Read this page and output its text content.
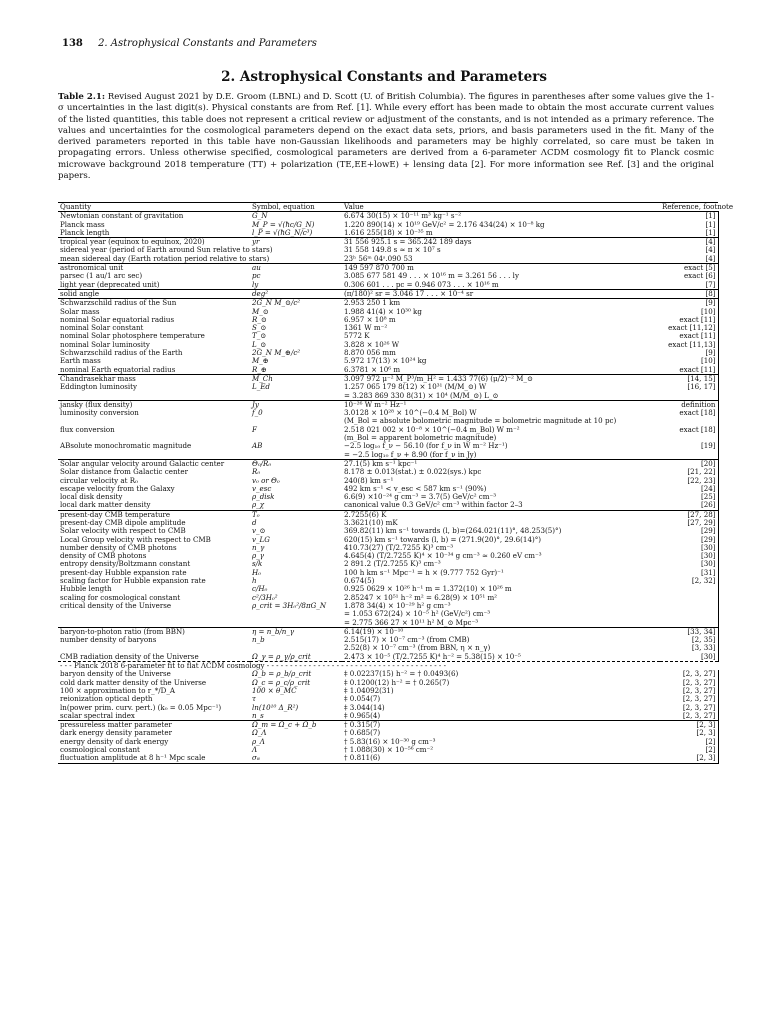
138 2. Astrophysical Constants and Parameters
2. Astrophysical Constants and Parameters
Table 2.1: Revised August 2021 by D.E. Groom (LBNL) and D. Scott (U. of British Columbia). The figures in parentheses after some values give the 1-σ uncertainties in the last digit(s). Physical constants are from Ref. [1]. While every effort has been made to obtain the most accurate current values of the listed quantities, this table does not represent a critical review or adjustment of the constants, and is not intended as a primary reference. The values and uncertainties for the cosmological parameters depend on the exact data sets, priors, and basis parameters used in the fit. Many of the derived parameters reported in this table have non-Gaussian likelihoods and parameters may be highly correlated, so care must be taken in propagating errors. Unless otherwise specified, cosmological parameters are derived from a 6-parameter ΛCDM cosmology fit to Planck cosmic microwave background 2018 temperature (TT) + polarization (TE,EE+lowE) + lensing data [2]. For more information see Ref. [3] and the original papers.
Quantity	Symbol, equation	Value	Reference, footnote
Newtonian constant of gravitation	G_N	6.674 30(15) × 10⁻¹¹ m³ kg⁻¹ s⁻²	[1]
Planck mass	M_P = √(ħc/G_N)	1.220 890(14) × 10¹⁹ GeV/c² = 2.176 434(24) × 10⁻⁸ kg	[1]
Planck length	l_P = √(ħG_N/c³)	1.616 255(18) × 10⁻³⁵ m	[1]
tropical year (equinox to equinox, 2020)	yr	31 556 925.1 s = 365.242 189 days	[4]
sidereal year (period of Earth around Sun relative to stars)		31 558 149.8 s ≈ π × 10⁷ s	[4]
mean sidereal day (Earth rotation period relative to stars)		23ʰ 56ᵐ 04ˢ.090 53	[4]
astronomical unit	au	149 597 870 700 m	exact [5]
parsec (1 au/1 arc sec)	pc	3.085 677 581 49 . . . × 10¹⁶ m = 3.261 56 . . . ly	exact [6]
light year (deprecated unit)	ly	0.306 601 . . . pc = 0.946 073 . . . × 10¹⁶ m	[7]
solid angle	deg²	(π/180)² sr = 3.046 17 . . . × 10⁻⁴ sr	[8]
Schwarzschild radius of the Sun	2G_N M_⊙/c²	2.953 250 1 km	[9]
Solar mass	M_⊙	1.988 41(4) × 10³⁰ kg	[10]
nominal Solar equatorial radius	R_⊙	6.957 × 10⁸ m	exact [11]
nominal Solar constant	S_⊙	1361 W m⁻²	exact [11,12]
nominal Solar photosphere temperature	T_⊙	5772 K	exact [11]
nominal Solar luminosity	L_⊙	3.828 × 10²⁶ W	exact [11,13]
Schwarzschild radius of the Earth	2G_N M_⊕/c²	8.870 056 mm	[9]
Earth mass	M_⊕	5.972 17(13) × 10²⁴ kg	[10]
nominal Earth equatorial radius	R_⊕	6.3781 × 10⁶ m	exact [11]
Chandrasekhar mass	M_Ch	3.097 972 μ⁻² M_P³/m_H² = 1.433 77(6) (μ/2)⁻² M_⊙	[14, 15]
Eddington luminosity	L_Ed	1.257 065 179 8(12) × 10³¹ (M/M_⊙) W	[16, 17]
		= 3.283 869 330 8(31) × 10⁴ (M/M_⊙) L_⊙	
jansky (flux density)	Jy	10⁻²⁶ W m⁻² Hz⁻¹	definition
luminosity conversion	f_0	3.0128 × 10²⁸ × 10^(−0.4 M_Bol) W	exact [18]
		(M_Bol = absolute bolometric magnitude = bolometric magnitude at 10 pc)	
flux conversion	F	2.518 021 002 × 10⁻⁸ × 10^(−0.4 m_Bol) W m⁻²	exact [18]
		(m_Bol = apparent bolometric magnitude)	
ABsolute monochromatic magnitude	AB	−2.5 log₁₀ f_ν − 56.10 (for f_ν in W m⁻² Hz⁻¹)	[19]
		= −2.5 log₁₀ f_ν + 8.90 (for f_ν in Jy)	
Solar angular velocity around Galactic center	Θ₀/R₀	27.1(5) km s⁻¹ kpc⁻¹	[20]
Solar distance from Galactic center	R₀	8.178 ± 0.013(stat.) ± 0.022(sys.) kpc	[21, 22]
circular velocity at R₀	v₀ or Θ₀	240(8) km s⁻¹	[22, 23]
escape velocity from the Galaxy	v_esc	492 km s⁻¹ < v_esc < 587 km s⁻¹ (90%)	[24]
local disk density	ρ_disk	6.6(9) ×10⁻²⁴ g cm⁻³ = 3.7(5) GeV/c² cm⁻³	[25]
local dark matter density	ρ_χ	canonical value 0.3 GeV/c² cm⁻³ within factor 2–3	[26]
present-day CMB temperature	T₀	2.7255(6) K	[27, 28]
present-day CMB dipole amplitude	d	3.3621(10) mK	[27, 29]
Solar velocity with respect to CMB	v_⊙	369.82(11) km s⁻¹ towards (l, b)=(264.021(11)°, 48.253(5)°)	[29]
Local Group velocity with respect to CMB	v_LG	620(15) km s⁻¹ towards (l, b) = (271.9(20)°, 29.6(14)°)	[29]
number density of CMB photons	n_γ	410.73(27) (T/2.7255 K)³ cm⁻³	[30]
density of CMB photons	ρ_γ	4.645(4) (T/2.7255 K)⁴ × 10⁻³⁴ g cm⁻³ ≈ 0.260 eV cm⁻³	[30]
entropy density/Boltzmann constant	s/k	2 891.2 (T/2.7255 K)³ cm⁻³	[30]
present-day Hubble expansion rate	H₀	100 h km s⁻¹ Mpc⁻¹ = h × (9.777 752 Gyr)⁻¹	[31]
scaling factor for Hubble expansion rate	h	0.674(5)	[2, 32]
Hubble length	c/H₀	0.925 0629 × 10²⁶ h⁻¹ m = 1.372(10) × 10²⁶ m	
scaling for cosmological constant	c²/3H₀²	2.85247 × 10⁵¹ h⁻² m² = 6.28(9) × 10⁵¹ m²	
critical density of the Universe	ρ_crit = 3H₀²/8πG_N	1.878 34(4) × 10⁻²⁹ h² g cm⁻³	
		= 1.053 672(24) × 10⁻⁵ h² (GeV/c²) cm⁻³	
		= 2.775 366 27 × 10¹¹ h² M_⊙ Mpc⁻³	
baryon-to-photon ratio (from BBN)	η = n_b/n_γ	6.14(19) × 10⁻¹⁰	[33, 34]
number density of baryons	n_b	2.515(17) × 10⁻⁷ cm⁻³ (from CMB)	[2, 35]
		2.52(8) × 10⁻⁷ cm⁻³ (from BBN, η × n_γ)	[3, 33]
CMB radiation density of the Universe	Ω_γ = ρ_γ/ρ_crit	2.473 × 10⁻⁵ (T/2.7255 K)⁴ h⁻² = 5.38(15) × 10⁻⁵	[30]
- - - Planck 2018 6-parameter fit to flat ΛCDM cosmology - - - - - - - - - - - - - - - - - - - - - - - - - - - - - - - - - - - - - - -			
baryon density of the Universe	Ω_b = ρ_b/ρ_crit	‡ 0.02237(15) h⁻² = † 0.0493(6)	[2, 3, 27]
cold dark matter density of the Universe	Ω_c = ρ_c/ρ_crit	‡ 0.1200(12) h⁻² = † 0.265(7)	[2, 3, 27]
100 × approximation to r_*/D_A	100 × θ_MC	‡ 1.04092(31)	[2, 3, 27]
reionization optical depth	τ	‡ 0.054(7)	[2, 3, 27]
ln(power prim. curv. pert.) (k₀ = 0.05 Mpc⁻¹)	ln(10¹⁰ Δ_R²)	‡ 3.044(14)	[2, 3, 27]
scalar spectral index	n_s	‡ 0.965(4)	[2, 3, 27]
pressureless matter parameter	Ω_m = Ω_c + Ω_b	† 0.315(7)	[2, 3]
dark energy density parameter	Ω_Λ	† 0.685(7)	[2, 3]
energy density of dark energy	ρ_Λ	† 5.83(16) × 10⁻³⁰ g cm⁻³	[2]
cosmological constant	Λ	† 1.088(30) × 10⁻⁵⁶ cm⁻²	[2]
fluctuation amplitude at 8 h⁻¹ Mpc scale	σ₈	† 0.811(6)	[2, 3]
